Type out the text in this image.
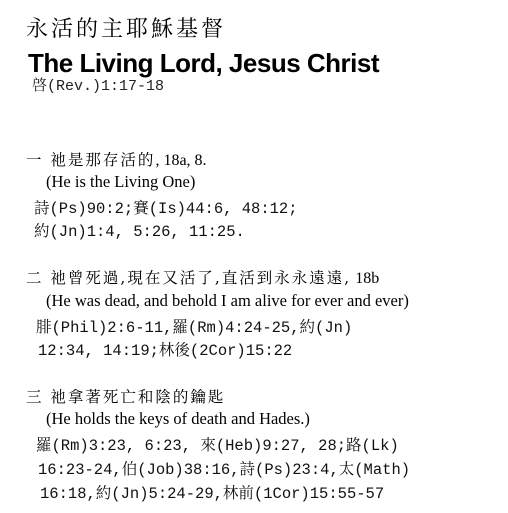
永活的主耶穌基督
The Living Lord, Jesus Christ
啓(Rev.)1:17-18
一 祂是那存活的, 18a, 8.
(He is the Living One)
詩(Ps)90:2;賽(Is)44:6, 48:12;
約(Jn)1:4, 5:26, 11:25.
二 祂曾死過,現在又活了,直活到永永遠遠, 18b
(He was dead, and behold I am alive for ever and ever)
腓(Phil)2:6-11,羅(Rm)4:24-25,約(Jn)
12:34, 14:19;林後(2Cor)15:22
三 祂拿著死亡和陰的鑰匙
(He holds the keys of death and Hades.)
羅(Rm)3:23, 6:23, 來(Heb)9:27, 28;路(Lk)
16:23-24,伯(Job)38:16,詩(Ps)23:4,太(Math)
16:18,約(Jn)5:24-29,林前(1Cor)15:55-57
